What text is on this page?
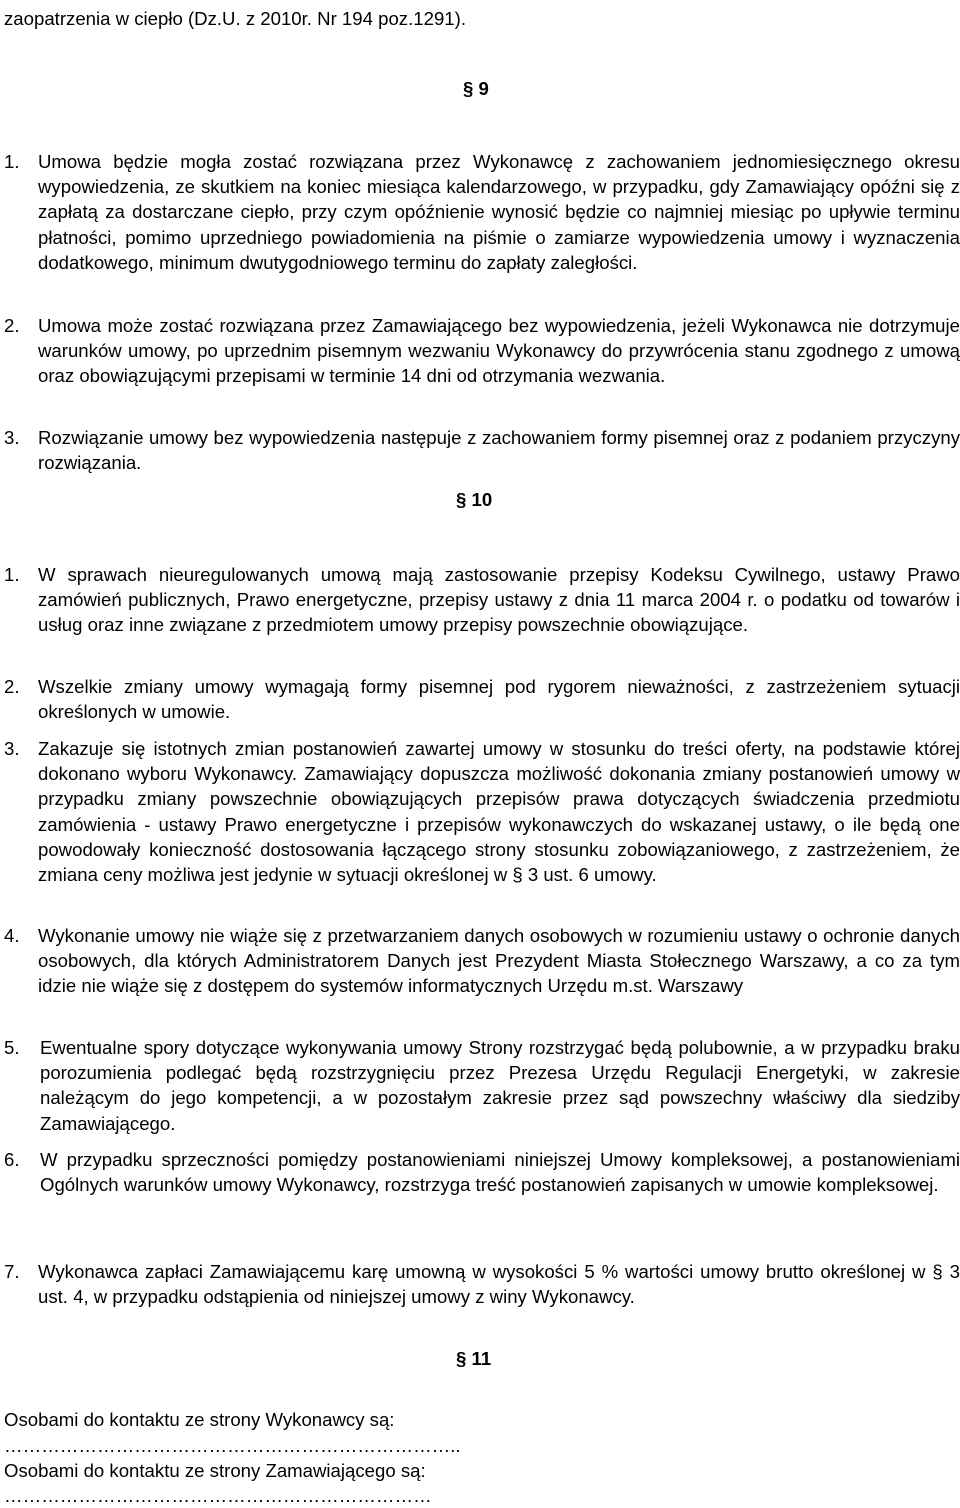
zaopatrzenia w ciepło (Dz.U. z 2010r. Nr 194 poz.1291).
§ 9
1. Umowa będzie mogła zostać rozwiązana przez Wykonawcę z zachowaniem jednomiesięcznego okresu wypowiedzenia, ze skutkiem na koniec miesiąca kalendarzowego, w przypadku, gdy Zamawiający opóźni się z zapłatą za dostarczane ciepło, przy czym opóźnienie wynosić będzie co najmniej miesiąc po upływie terminu płatności, pomimo uprzedniego powiadomienia na piśmie o zamiarze wypowiedzenia umowy i wyznaczenia dodatkowego, minimum dwutygodniowego terminu do zapłaty zaległości.
2. Umowa może zostać rozwiązana przez Zamawiającego bez wypowiedzenia, jeżeli Wykonawca nie dotrzymuje warunków umowy, po uprzednim pisemnym wezwaniu Wykonawcy do przywrócenia stanu zgodnego z umową oraz obowiązującymi przepisami w terminie 14 dni od otrzymania wezwania.
3. Rozwiązanie umowy bez wypowiedzenia następuje z zachowaniem formy pisemnej oraz z podaniem przyczyny rozwiązania.
§ 10
1. W sprawach nieuregulowanych umową mają zastosowanie przepisy Kodeksu Cywilnego, ustawy Prawo zamówień publicznych, Prawo energetyczne, przepisy ustawy z dnia 11 marca 2004 r. o podatku od towarów i usług oraz inne związane z przedmiotem umowy przepisy powszechnie obowiązujące.
2. Wszelkie zmiany umowy wymagają formy pisemnej pod rygorem nieważności, z zastrzeżeniem sytuacji określonych w umowie.
3. Zakazuje się istotnych zmian postanowień zawartej umowy w stosunku do treści oferty, na podstawie której dokonano wyboru Wykonawcy. Zamawiający dopuszcza możliwość dokonania zmiany postanowień umowy w przypadku zmiany powszechnie obowiązujących przepisów prawa dotyczących świadczenia przedmiotu zamówienia - ustawy Prawo energetyczne i przepisów wykonawczych do wskazanej ustawy, o ile będą one powodowały konieczność dostosowania łączącego strony stosunku zobowiązaniowego, z zastrzeżeniem, że zmiana ceny możliwa jest jedynie w sytuacji określonej w § 3 ust. 6 umowy.
4. Wykonanie umowy nie wiąże się z przetwarzaniem danych osobowych w rozumieniu ustawy o ochronie danych osobowych, dla których Administratorem Danych jest Prezydent Miasta Stołecznego Warszawy, a co za tym idzie nie wiąże się z dostępem do systemów informatycznych Urzędu m.st. Warszawy
5. Ewentualne spory dotyczące wykonywania umowy Strony rozstrzygać będą polubownie, a w przypadku braku porozumienia podlegać będą rozstrzygnięciu przez Prezesa Urzędu Regulacji Energetyki, w zakresie należącym do jego kompetencji, a w pozostałym zakresie przez sąd powszechny właściwy dla siedziby Zamawiającego.
6. W przypadku sprzeczności pomiędzy postanowieniami niniejszej Umowy kompleksowej, a postanowieniami Ogólnych warunków umowy Wykonawcy, rozstrzyga treść postanowień zapisanych w umowie kompleksowej.
7. Wykonawca zapłaci Zamawiającemu karę umowną w wysokości 5 % wartości umowy brutto określonej w § 3 ust. 4, w przypadku odstąpienia od niniejszej umowy z winy Wykonawcy.
§ 11
Osobami do kontaktu ze strony Wykonawcy są:
………………………………………………………………..
Osobami do kontaktu ze strony Zamawiającego są:
……………………………………………………………
